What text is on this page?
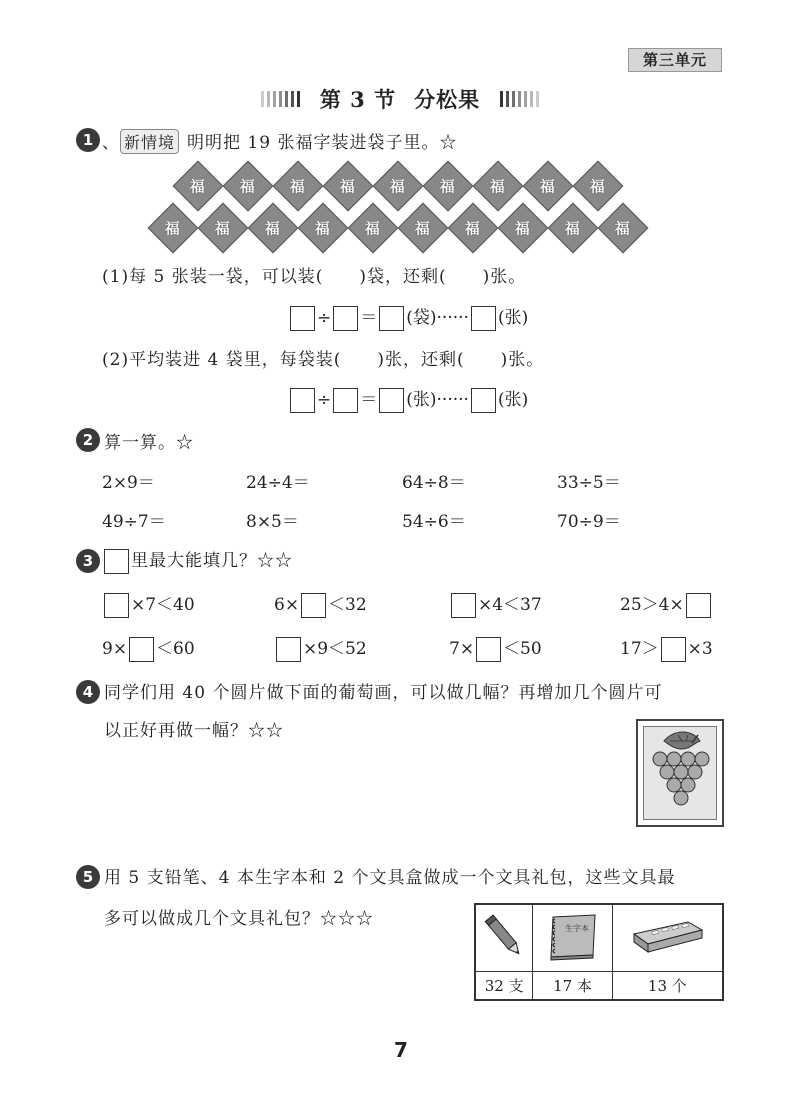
第三单元
第 3 节 分松果
1 、 新情境 明明把 19 张福字装进袋子里。☆
福 福 福 福 福 福 福 福 福
福 福 福 福 福 福 福 福 福 福
(1)每 5 张装一袋，可以装(　　)袋，还剩(　　)张。
÷ ＝ (袋)······ (张)
(2)平均装进 4 袋里，每袋装(　　)张，还剩(　　)张。
÷ ＝ (张)······ (张)
2 算一算。☆
2×9＝	24÷4＝	64÷8＝	33÷5＝
49÷7＝	8×5＝	54÷6＝	70÷9＝
3	里最大能填几？☆☆
×7＜40	6× ＜32	×4＜37	25＞4×
9× ＜60	×9＜52	7× ＜50	17＞ ×3
4 同学们用 40 个圆片做下面的葡萄画，可以做几幅？再增加几个圆片可
以正好再做一幅？☆☆
5 用 5 支铅笔、4 本生字本和 2 个文具盒做成一个文具礼包，这些文具最
多可以做成几个文具礼包？☆☆☆
		生字本

32 支	17 本	13 个
7
